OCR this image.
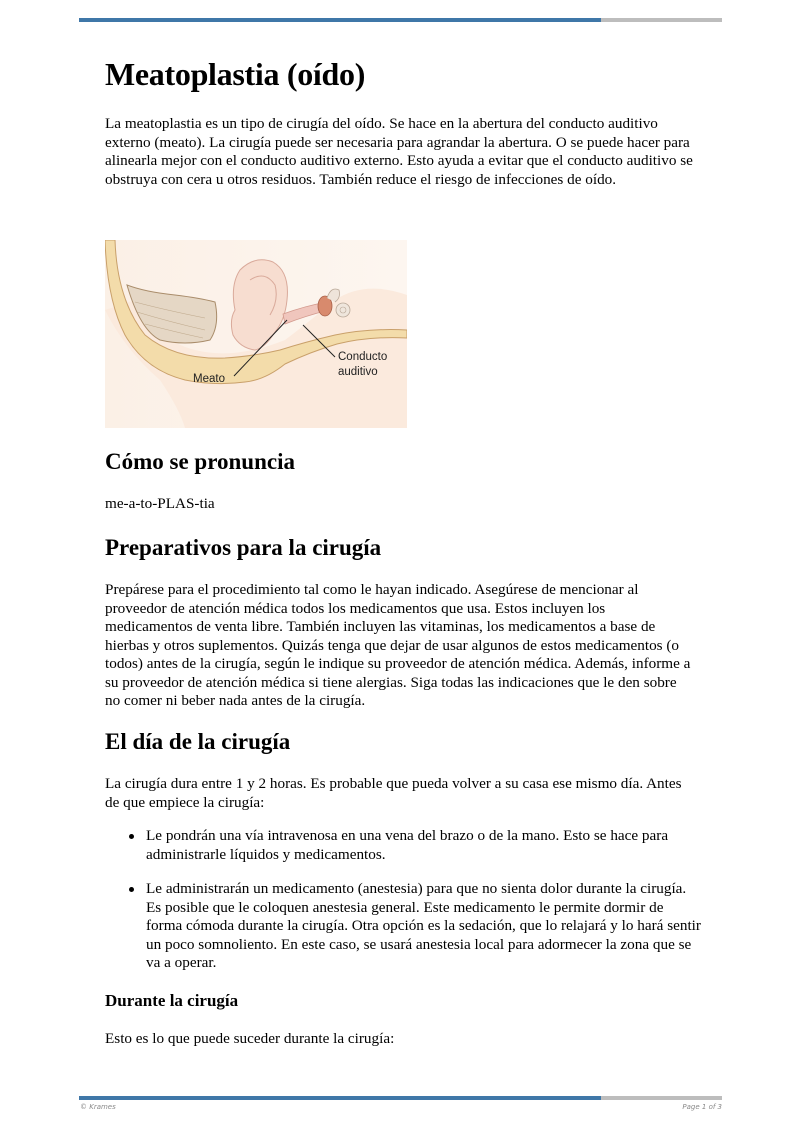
Meatoplastia (oído)

La meatoplastia es un tipo de cirugía del oído. Se hace en la abertura del conducto auditivo externo (meato). La cirugía puede ser necesaria para agrandar la abertura. O se puede hacer para alinearla mejor con el conducto auditivo externo. Esto ayuda a evitar que el conducto auditivo se obstruya con cera u otros residuos. También reduce el riesgo de infecciones de oído.

Cómo se pronuncia

me-a-to-PLAS-tia

Preparativos para la cirugía

Prepárese para el procedimiento tal como le hayan indicado. Asegúrese de mencionar al proveedor de atención médica todos los medicamentos que usa. Estos incluyen los medicamentos de venta libre. También incluyen las vitaminas, los medicamentos a base de hierbas y otros suplementos. Quizás tenga que dejar de usar algunos de estos medicamentos (o todos) antes de la cirugía, según le indique su proveedor de atención médica. Además, informe a su proveedor de atención médica si tiene alergias. Siga todas las indicaciones que le den sobre no comer ni beber nada antes de la cirugía.

El día de la cirugía

La cirugía dura entre 1 y 2 horas. Es probable que pueda volver a su casa ese mismo día. Antes de que empiece la cirugía:

Le pondrán una vía intravenosa en una vena del brazo o de la mano. Esto se hace para administrarle líquidos y medicamentos.
Le administrarán un medicamento (anestesia) para que no sienta dolor durante la cirugía. Es posible que le coloquen anestesia general. Este medicamento le permite dormir de forma cómoda durante la cirugía. Otra opción es la sedación, que lo relajará y lo hará sentir un poco somnoliento. En este caso, se usará anestesia local para adormecer la zona que se va a operar.
Durante la cirugía

Esto es lo que puede suceder durante la cirugía:

Meato
Conducto
auditivo
© Krames	Page 1 of 3
